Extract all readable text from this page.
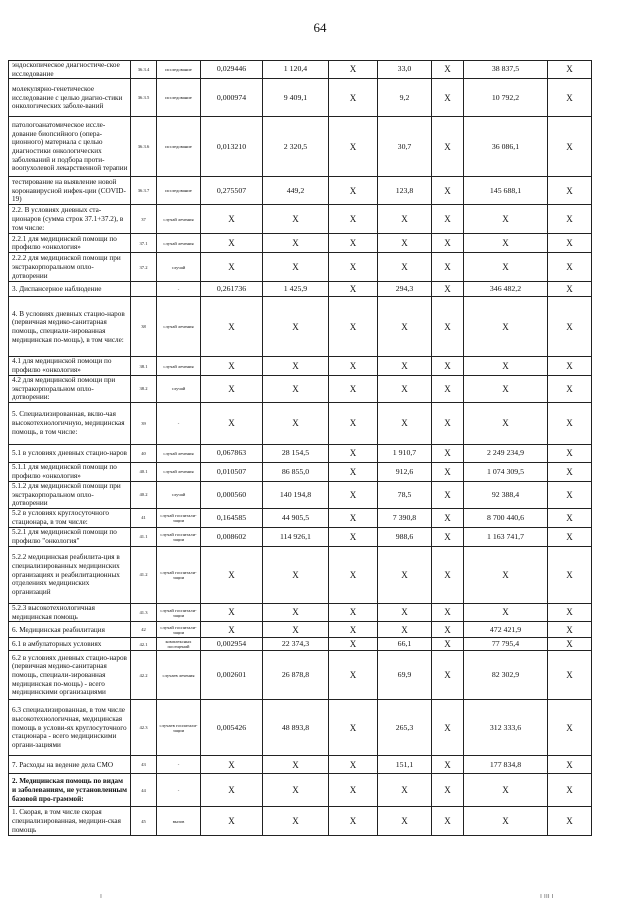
64
эндоскопическое диагностиче-ское исследование	36.3.4	исследование	0,029446	1 120,4	X	33,0	X	38 837,5	X
молекулярно-генетическое исследование с целью диагно-стики онкологических заболе-ваний	36.3.5	исследование	0,000974	9 409,1	X	9,2	X	10 792,2	X
патологоанатомическое иссле-дование биопсийного (опера-ционного) материала с целью диагностики онкологических заболеваний и подбора проти-воопухолевой лекарственной терапии	36.3.6	исследование	0,013210	2 320,5	X	30,7	X	36 086,1	X
тестирование на выявление новой коронавирусной инфек-ции (COVID-19)	36.3.7	исследование	0,275507	449,2	X	123,8	X	145 688,1	X
2.2. В условиях дневных ста-ционаров (сумма строк 37.1+37.2), в том числе:	37	случай лечения	X	X	X	X	X	X	X
2.2.1 для медицинской помощи по профилю «онкология»	37.1	случай лечения	X	X	X	X	X	X	X
2.2.2 для медицинской помощи при экстракорпоральном опло-дотворении	37.2	случай	X	X	X	X	X	X	X
3. Диспансерное наблюдение		-	0,261736	1 425,9	X	294,3	X	346 482,2	X
4. В условиях дневных стацио-наров (первичная медико-санитарная помощь, специали-зированная медицинская по-мощь), в том числе:	38	случай лечения	X	X	X	X	X	X	X
4.1 для медицинской помощи по профилю «онкология»	38.1	случай лечения	X	X	X	X	X	X	X
4.2 для медицинской помощи при экстракорпоральном опло-дотворении:	38.2	случай	X	X	X	X	X	X	X
5. Специализированная, вклю-чая высокотехнологичную, медицинская помощь, в том числе:	39	-	X	X	X	X	X	X	X
5.1 в условиях дневных стацио-наров	40	случай лечения	0,067863	28 154,5	X	1 910,7	X	2 249 234,9	X
5.1.1 для медицинской помощи по профилю «онкология»	40.1	случай лечения	0,010507	86 855,0	X	912,6	X	1 074 309,5	X
5.1.2 для медицинской помощи при экстракорпоральном опло-дотворении	40.2	случай	0,000560	140 194,8	X	78,5	X	92 388,4	X
5.2 в условиях круглосуточного стационара, в том числе:	41	случай госпитали-зации	0,164585	44 905,5	X	7 390,8	X	8 700 440,6	X
5.2.1 для медицинской помощи по профилю "онкология"	41.1	случай госпитали-зации	0,008602	114 926,1	X	988,6	X	1 163 741,7	X
5.2.2 медицинская реабилита-ция в специализированных медицинских организациях и реабилитационных отделениях медицинских организаций	41.2	случай госпитали-зации	X	X	X	X	X	X	X
5.2.3 высокотехнологичная медицинская помощь	41.3	случай госпитали-зации	X	X	X	X	X	X	X
6. Медицинская реабилитация	42	случай госпитали-зации	X	X	X	X	X	472 421,9	X
6.1 в амбулаторных условиях	42.1	комплексных посещений	0,002954	22 374,3	X	66,1	X	77 795,4	X
6.2 в условиях дневных стацио-наров (первичная медико-санитарная помощь, специали-зированная медицинская по-мощь) - всего медицинскими организациями	42.2	случаев лечения	0,002601	26 878,8	X	69,9	X	82 302,9	X
6.3 специализированная, в том числе высокотехнологичная, медицинская помощь в услови-ях круглосуточного стационара - всего медицинскими органи-зациями	42.3	случаев госпитали-зации	0,005426	48 893,8	X	265,3	X	312 333,6	X
7. Расходы на ведение дела СМО	43	-	X	X	X	151,1	X	177 834,8	X
2. Медицинская помощь по видам и заболеваниям, не установленным базовой про-граммой:	44	-	X	X	X	X	X	X	X
1. Скорая, в том числе скорая специализированная, медицин-ская помощь	45	вызов	X	X	X	X	X	X	X
ı	ı ııı ı
